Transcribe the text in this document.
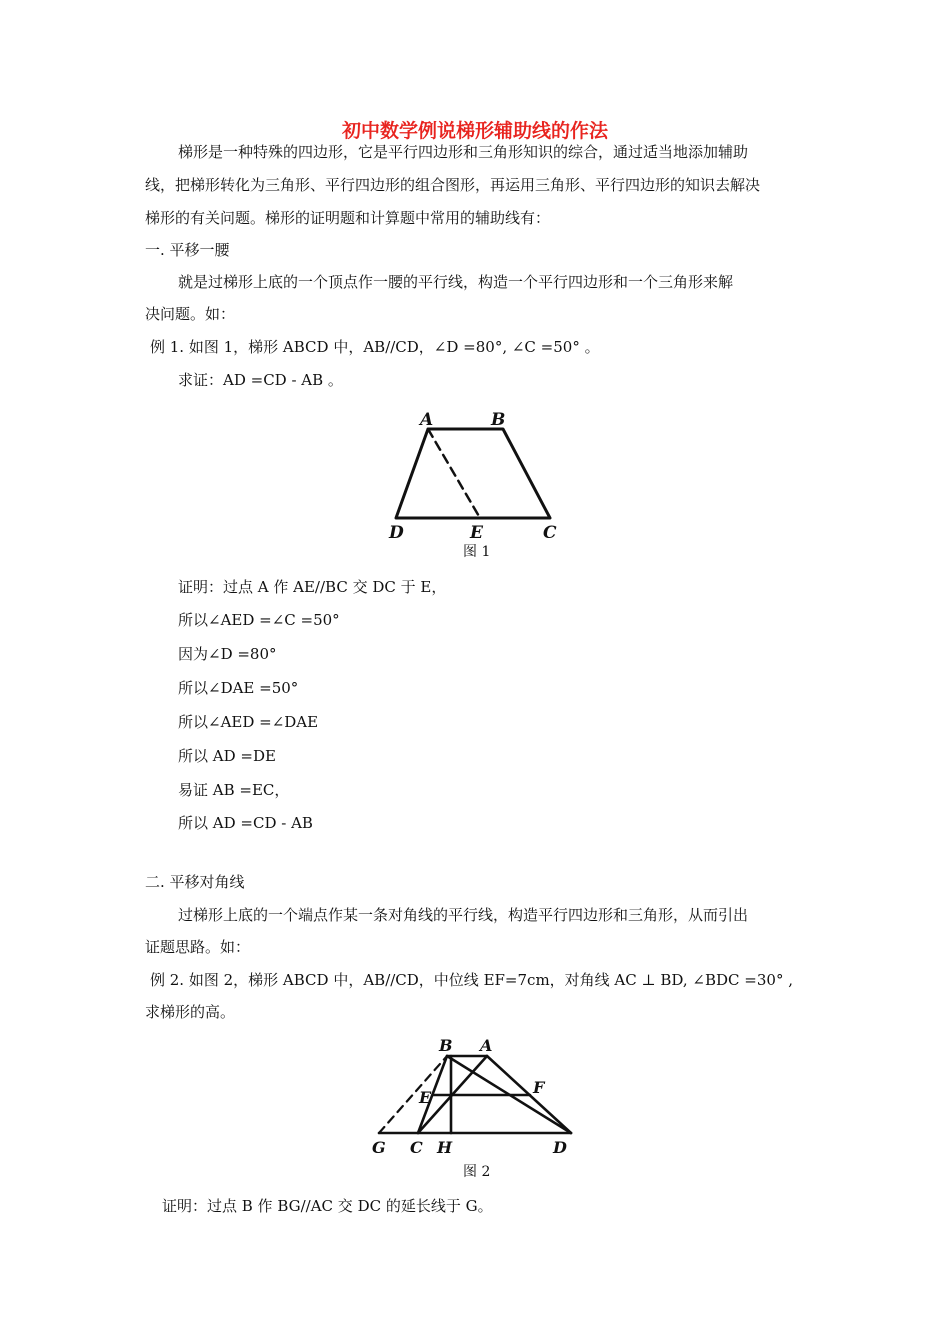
初中数学例说梯形辅助线的作法
梯形是一种特殊的四边形，它是平行四边形和三角形知识的综合，通过适当地添加辅助
线，把梯形转化为三角形、平行四边形的组合图形，再运用三角形、平行四边形的知识去解决
梯形的有关问题。梯形的证明题和计算题中常用的辅助线有：
一. 平移一腰
就是过梯形上底的一个顶点作一腰的平行线，构造一个平行四边形和一个三角形来解
决问题。如：
例 1. 如图 1，梯形 ABCD 中，AB//CD，∠D =80°, ∠C =50° 。
求证：AD =CD - AB 。
A	B
D	E	C
图 1
证明：过点 A 作 AE//BC 交 DC 于 E，
所以∠AED =∠C =50°
因为∠D =80°
所以∠DAE =50°
所以∠AED =∠DAE
所以 AD =DE
易证 AB =EC，
所以 AD =CD - AB
二. 平移对角线
过梯形上底的一个端点作某一条对角线的平行线，构造平行四边形和三角形，从而引出
证题思路。如：
例 2. 如图 2，梯形 ABCD 中，AB//CD，中位线 EF=7cm，对角线 AC ⊥ BD, ∠BDC =30° ,
求梯形的高。
B A
E
F
G C H	D
图 2
证明：过点 B 作 BG//AC 交 DC 的延长线于 G。
